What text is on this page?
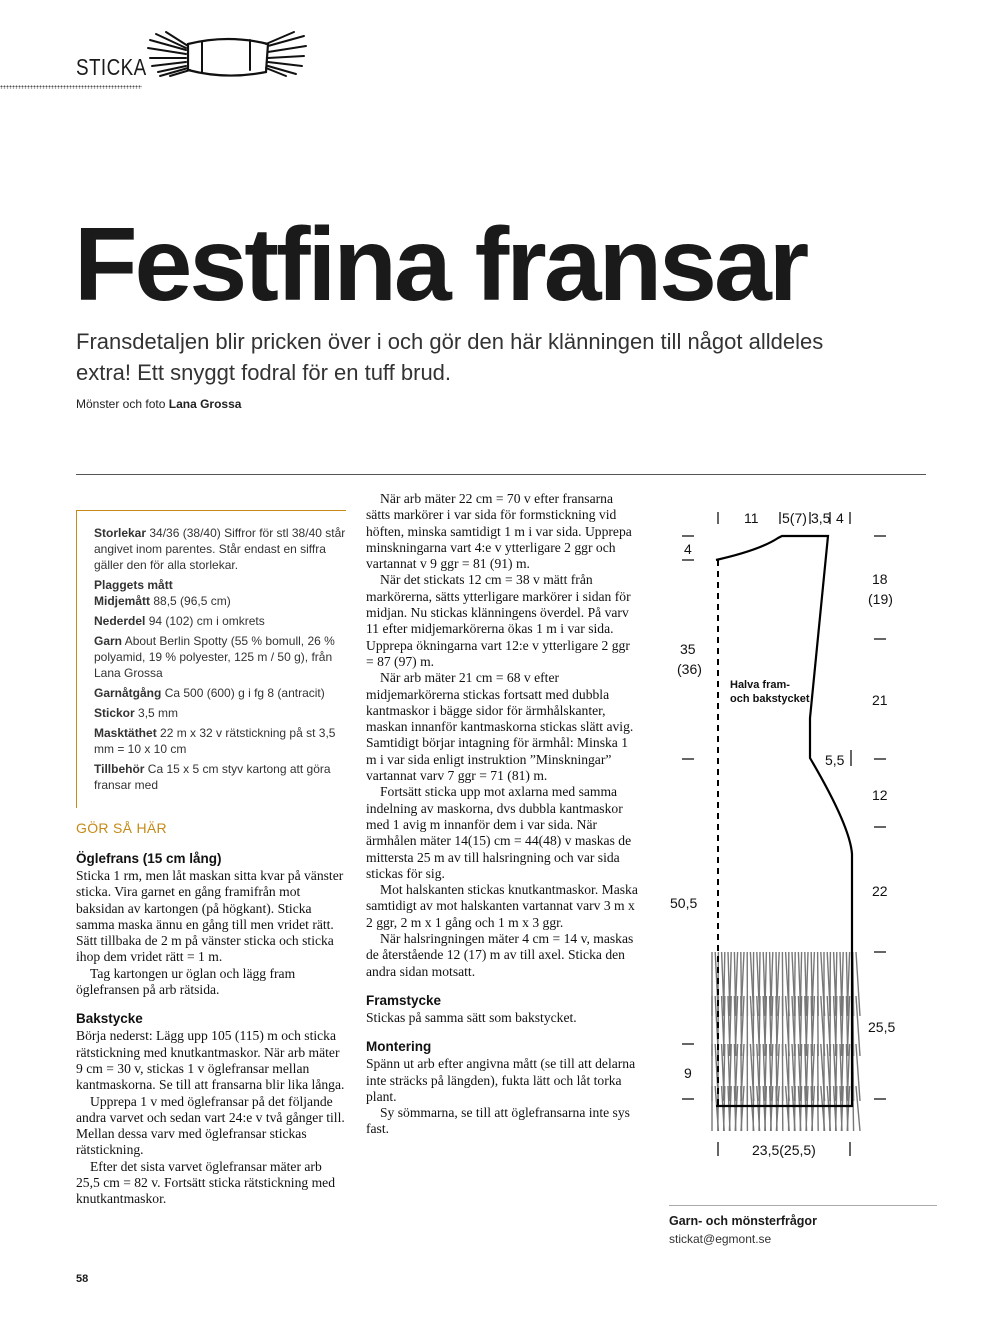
STICKA
Festfina fransar
Fransdetaljen blir pricken över i och gör den här klänningen till något alldeles extra! Ett snyggt fodral för en tuff brud.
Mönster och foto Lana Grossa
Storlekar 34/36 (38/40) Siffror för stl 38/40 står angivet inom parentes. Står endast en siffra gäller den för alla storlekar.
Plaggets mått
Midjemått 88,5 (96,5 cm)
Nederdel 94 (102) cm i omkrets
Garn About Berlin Spotty (55 % bomull, 26 % polyamid, 19 % polyester, 125 m / 50 g), från Lana Grossa
Garnåtgång Ca 500 (600) g i fg 8 (antracit)
Stickor 3,5 mm
Masktäthet 22 m x 32 v rätstickning på st 3,5 mm = 10 x 10 cm
Tillbehör Ca 15 x 5 cm styv kartong att göra fransar med
GÖR SÅ HÄR
Öglefrans (15 cm lång)

Sticka 1 rm, men låt maskan sitta kvar på vänster sticka. Vira garnet en gång framifrån mot baksidan av kartongen (på högkant). Sticka samma maska ännu en gång till men vridet rätt. Sätt tillbaka de 2 m på vänster sticka och sticka ihop dem vridet rätt = 1 m.

Tag kartongen ur öglan och lägg fram öglefransen på arb rätsida.

Bakstycke

Börja nederst: Lägg upp 105 (115) m och sticka rätstickning med knutkantmaskor. När arb mäter 9 cm = 30 v, stickas 1 v öglefransar mellan kantmaskorna. Se till att fransarna blir lika långa.

Upprepa 1 v med öglefransar på det följande andra varvet och sedan vart 24:e v två gånger till. Mellan dessa varv med öglefransar stickas rätstickning.

Efter det sista varvet öglefransar mäter arb 25,5 cm = 82 v. Fortsätt sticka rätstickning med knutkantmaskor.

När arb mäter 22 cm = 70 v efter fransarna sätts markörer i var sida för formstickning vid höften, minska samtidigt 1 m i var sida. Upprepa minskningarna vart 4:e v ytterligare 2 ggr och vartannat v 9 ggr = 81 (91) m.

När det stickats 12 cm = 38 v mätt från markörerna, sätts ytterligare markörer i sidan för midjan. Nu stickas klänningens överdel. På varv 11 efter midjemarkörerna ökas 1 m i var sida. Upprepa ökningarna vart 12:e v ytterligare 2 ggr = 87 (97) m.

När arb mäter 21 cm = 68 v efter midjemarkörerna stickas fortsatt med dubbla kantmaskor i bägge sidor för ärmhålskanter, maskan innanför kantmaskorna stickas slätt avig. Samtidigt börjar intagning för ärmhål: Minska 1 m i var sida enligt instruktion ”Minskningar” vartannat varv 7 ggr = 71 (81) m.

Fortsätt sticka upp mot axlarna med samma indelning av maskorna, dvs dubbla kantmaskor med 1 avig m innanför dem i var sida. När ärmhålen mäter 14(15) cm = 44(48) v maskas de mittersta 25 m av till halsringning och var sida stickas för sig.

Mot halskanten stickas knutkantmaskor. Maska samtidigt av mot halskanten vartannat varv 3 m x 2 ggr, 2 m x 1 gång och 1 m x 3 ggr.

När halsringningen mäter 4 cm = 14 v, maskas de återstående 12 (17) m av till axel. Sticka den andra sidan motsatt.

Framstycke

Stickas på samma sätt som bakstycket.

Montering

Spänn ut arb efter angivna mått (se till att delarna inte sträcks på längden), fukta lätt och låt torka plant.

Sy sömmarna, se till att öglefransarna inte sys fast.

11 5(7) 3,5 4
4
35
(36)
50,5
9
18
(19)
21
5,5
12
22
25,5
Halva fram-
och bakstycket
23,5(25,5)
Garn- och mönsterfrågor
stickat@egmont.se
58
